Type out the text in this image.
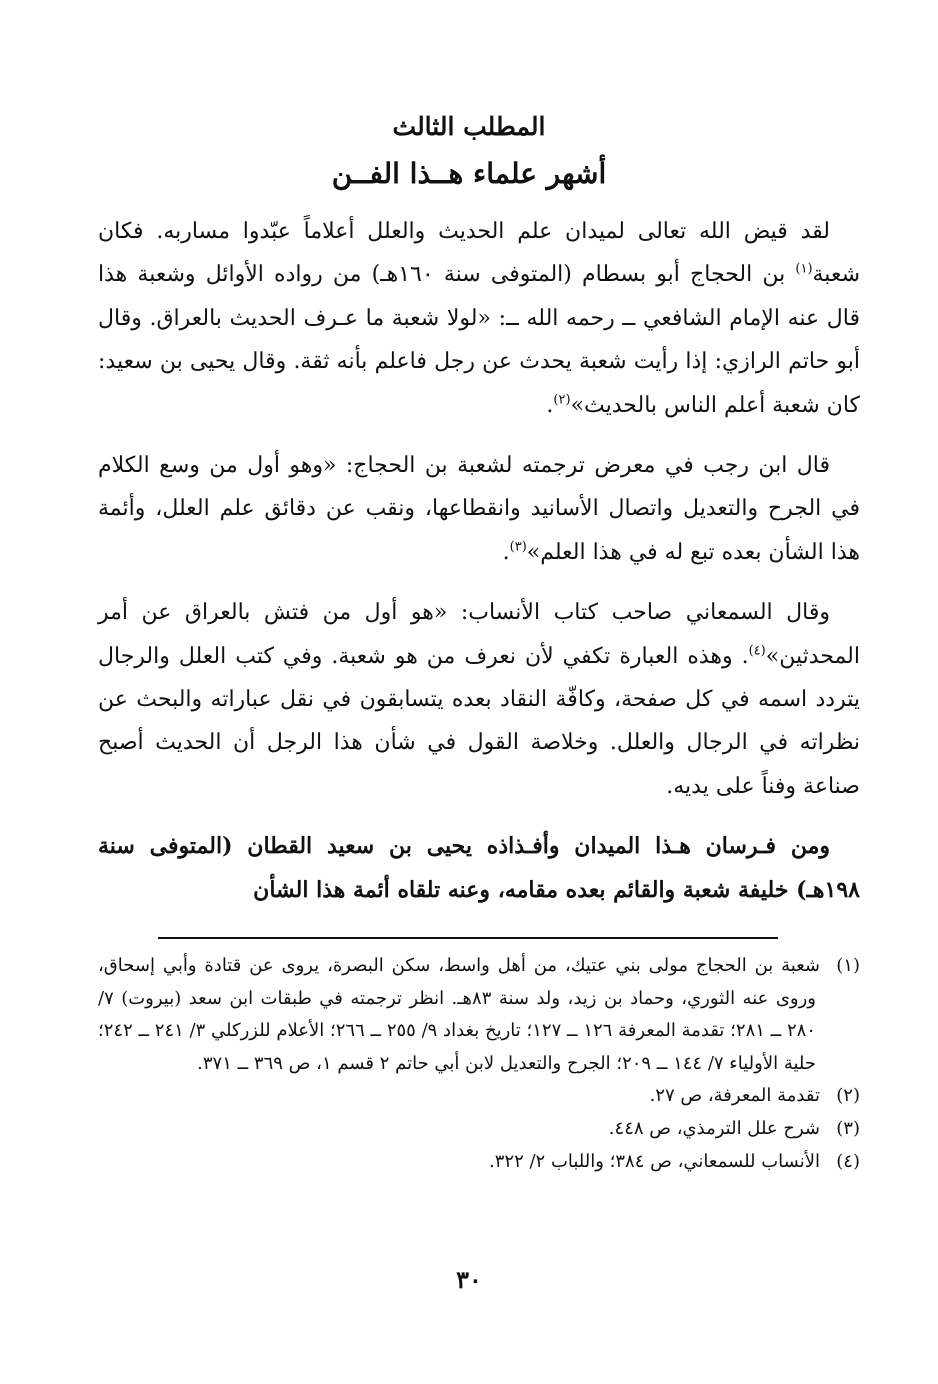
المطلب الثالث
أشهر علماء هــذا الفــن

لقد قيض الله تعالى لميدان علم الحديث والعلل أعلاماً عبّدوا مساربه. فكان شعبة$^{(١)}$ بن الحجاج أبو بسطام (المتوفى سنة ١٦٠هـ) من رواده الأوائل وشعبة هذا قال عنه الإمام الشافعي ــ رحمه الله ــ: «لولا شعبة ما عـرف الحديث بالعراق. وقال أبو حاتم الرازي: إذا رأيت شعبة يحدث عن رجل فاعلم بأنه ثقة. وقال يحيى بن سعيد: كان شعبة أعلم الناس بالحديث»$^{(٢)}$.

قال ابن رجب في معرض ترجمته لشعبة بن الحجاج: «وهو أول من وسع الكلام في الجرح والتعديل واتصال الأسانيد وانقطاعها، ونقب عن دقائق علم العلل، وأئمة هذا الشأن بعده تبع له في هذا العلم»$^{(٣)}$.

وقال السمعاني صاحب كتاب الأنساب: «هو أول من فتش بالعراق عن أمر المحدثين»$^{(٤)}$. وهذه العبارة تكفي لأن نعرف من هو شعبة. وفي كتب العلل والرجال يتردد اسمه في كل صفحة، وكافّة النقاد بعده يتسابقون في نقل عباراته والبحث عن نظراته في الرجال والعلل. وخلاصة القول في شأن هذا الرجل أن الحديث أصبح صناعة وفناً على يديه.

ومن فـرسان هـذا الميدان وأفـذاذه يحيى بن سعيد القطان (المتوفى سنة ١٩٨هـ) خليفة شعبة والقائم بعده مقامه، وعنه تلقاه أئمة هذا الشأن

(١)شعبة بن الحجاج مولى بني عتيك، من أهل واسط، سكن البصرة، يروى عن قتادة وأبي إسحاق، وروى عنه الثوري، وحماد بن زيد، ولد سنة ٨٣هـ. انظر ترجمته في طبقات ابن سعد (بيروت) ٧/ ٢٨٠ ــ ٢٨١؛ تقدمة المعرفة ١٢٦ ــ ١٢٧؛ تاريخ بغداد ٩/ ٢٥٥ ــ ٢٦٦؛ الأعلام للزركلي ٣/ ٢٤١ ــ ٢٤٢؛ حلية الأولياء ٧/ ١٤٤ ــ ٢٠٩؛ الجرح والتعديل لابن أبي حاتم ٢ قسم ١، ص ٣٦٩ ــ ٣٧١.

(٢)تقدمة المعرفة، ص ٢٧.

(٣)شرح علل الترمذي، ص ٤٤٨.

(٤)الأنساب للسمعاني، ص ٣٨٤؛ واللباب ٢/ ٣٢٢.

٣٠
